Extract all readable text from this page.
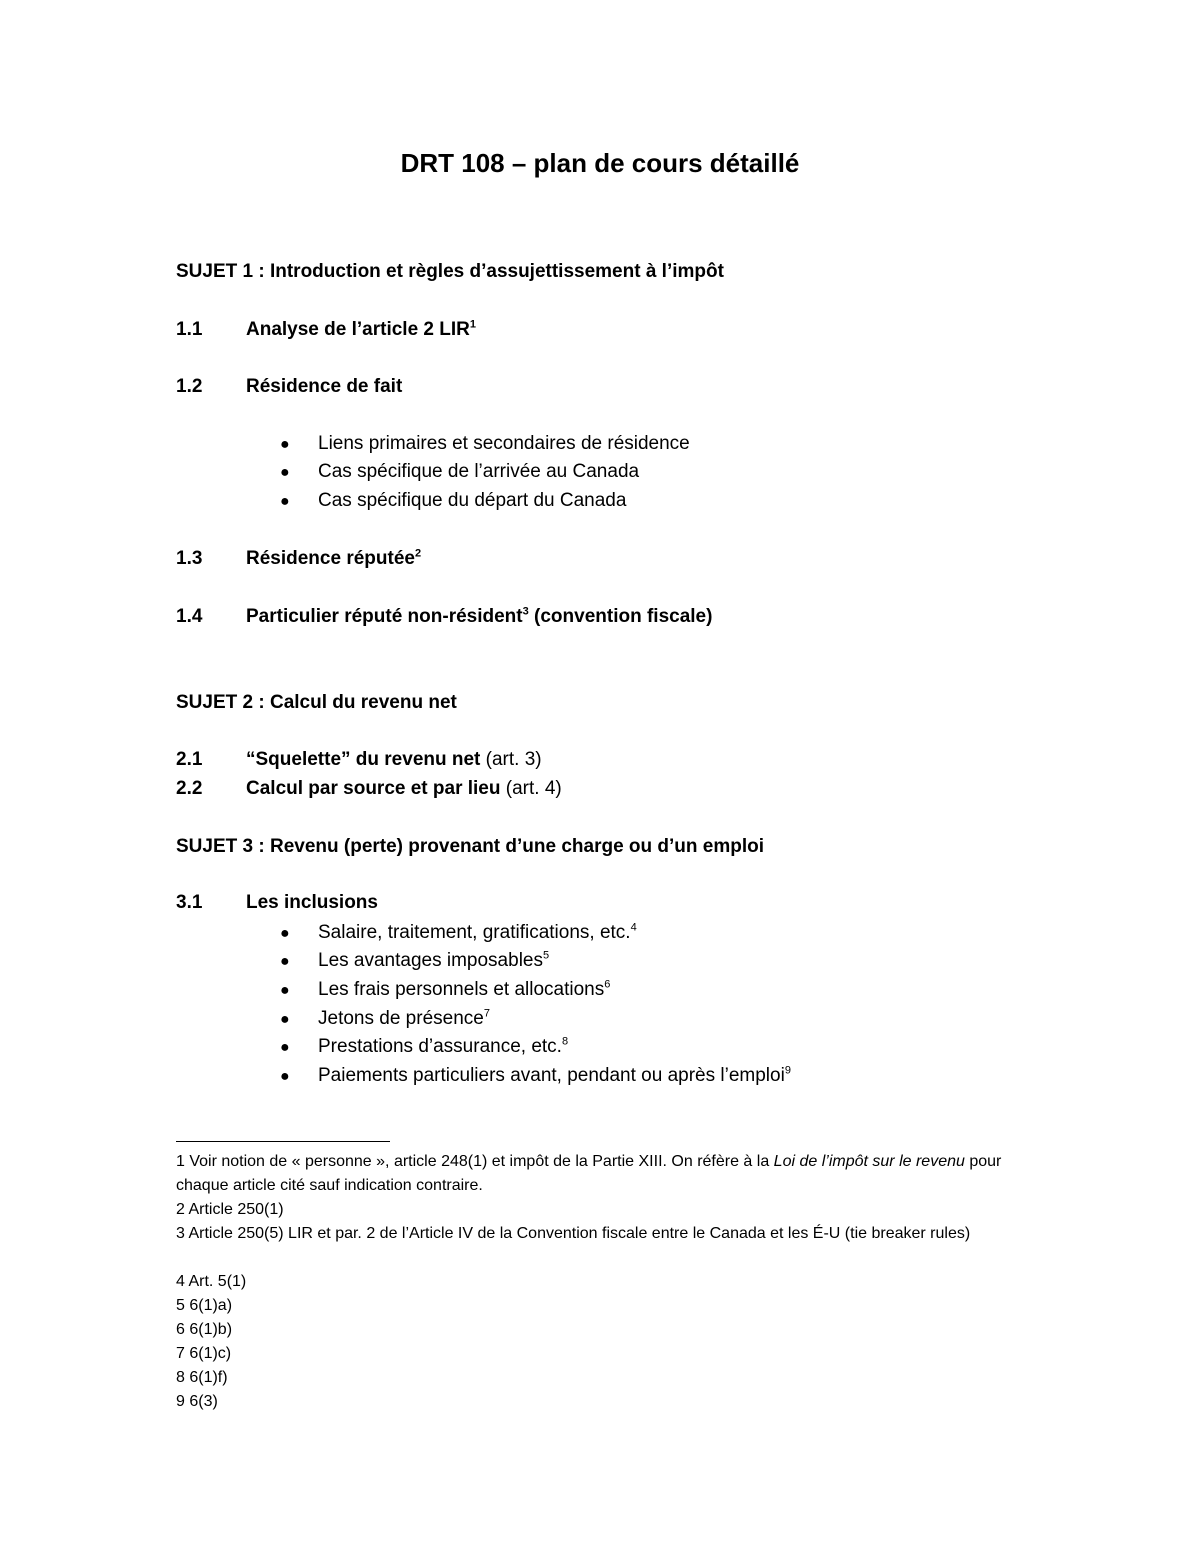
DRT 108 – plan de cours détaillé
SUJET 1 : Introduction et règles d’assujettissement à l’impôt
1.1 Analyse de l’article 2 LIR$^1$
1.2 Résidence de fait
● Liens primaires et secondaires de résidence
● Cas spécifique de l’arrivée au Canada
● Cas spécifique du départ du Canada
1.3 Résidence réputée$^2$
1.4 Particulier réputé non-résident$^3$ (convention fiscale)
SUJET 2 : Calcul du revenu net
2.1 “Squelette” du revenu net (art. 3)
2.2 Calcul par source et par lieu (art. 4)
SUJET 3 : Revenu (perte) provenant d’une charge ou d’un emploi
3.1 Les inclusions
● Salaire, traitement, gratifications, etc.$^4$
● Les avantages imposables$^5$
● Les frais personnels et allocations$^6$
● Jetons de présence$^7$
● Prestations d’assurance, etc.$^8$
● Paiements particuliers avant, pendant ou après l’emploi$^9$
1 Voir notion de « personne », article 248(1) et impôt de la Partie XIII. On réfère à la Loi de l’impôt sur le revenu pour chaque article cité sauf indication contraire.
2 Article 250(1)
3 Article 250(5) LIR et par. 2 de l’Article IV de la Convention fiscale entre le Canada et les É-U (tie breaker rules)
4 Art. 5(1)
5 6(1)a)
6 6(1)b)
7 6(1)c)
8 6(1)f)
9 6(3)
